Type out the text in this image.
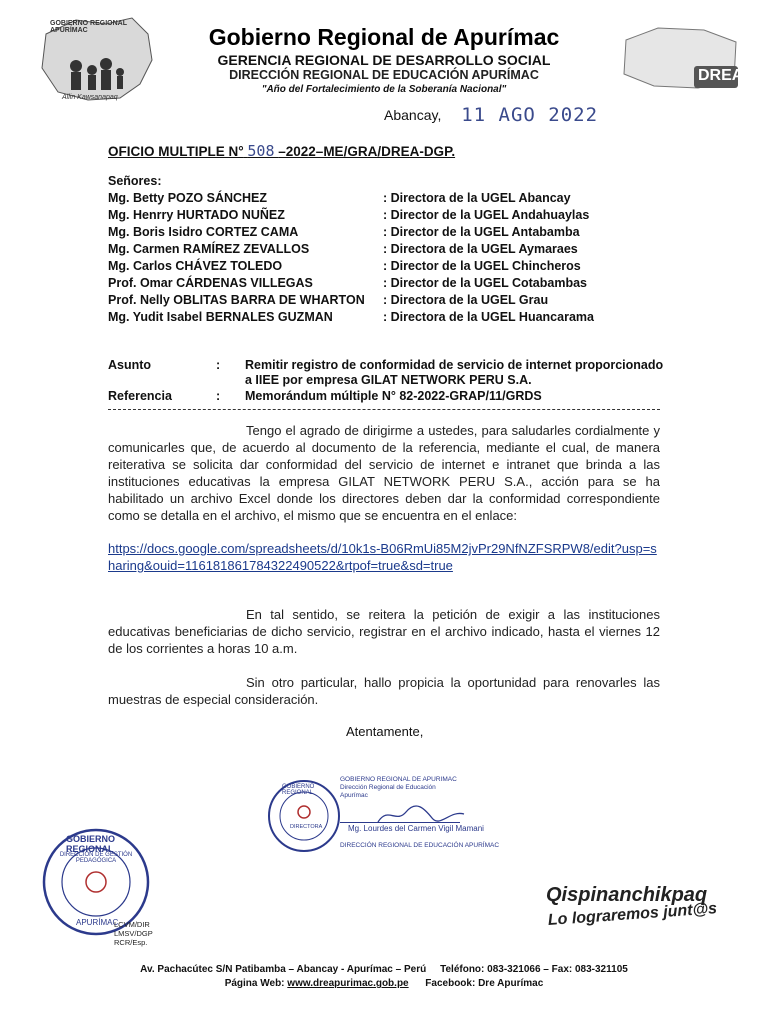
GOBIERNO REGIONAL APURÍMAC
Allin Kawsanapaq
DREA
Gobierno Regional de Apurímac
GERENCIA REGIONAL DE DESARROLLO SOCIAL
DIRECCIÓN REGIONAL DE EDUCACIÓN APURÍMAC
"Año del Fortalecimiento de la Soberanía Nacional"
Abancay, 11 AGO 2022
OFICIO MULTIPLE N° 508 –2022–ME/GRA/DREA-DGP.
Señores:
Mg. Betty POZO SÁNCHEZ	: Directora de la UGEL Abancay
Mg. Henrry HURTADO NUÑEZ	: Director de la UGEL Andahuaylas
Mg. Boris Isidro CORTEZ CAMA	: Director de la UGEL Antabamba
Mg. Carmen RAMÍREZ ZEVALLOS	: Directora de la UGEL Aymaraes
Mg. Carlos CHÁVEZ TOLEDO	: Director de la UGEL Chincheros
Prof. Omar CÁRDENAS VILLEGAS	: Director de la UGEL Cotabambas
Prof. Nelly OBLITAS BARRA DE WHARTON : Directora de la UGEL Grau
Mg. Yudit Isabel BERNALES GUZMAN	: Directora de la UGEL Huancarama
Asunto	: Remitir registro de conformidad de servicio de internet proporcionado a IIEE por empresa GILAT NETWORK PERU S.A.
Referencia	: Memorándum múltiple N° 82-2022-GRAP/11/GRDS
Tengo el agrado de dirigirme a ustedes, para saludarles cordialmente y comunicarles que, de acuerdo al documento de la referencia, mediante el cual, de manera reiterativa se solicita dar conformidad del servicio de internet e intranet que brinda a las instituciones educativas la empresa GILAT NETWORK PERU S.A., acción para se ha habilitado un archivo Excel donde los directores deben dar la conformidad correspondiente como se detalla en el archivo, el mismo que se encuentra en el enlace:
https://docs.google.com/spreadsheets/d/10k1s-B06RmUi85M2jvPr29NfNZFSRPW8/edit?usp=sharing&ouid=116181861784322490522&rtpof=true&sd=true
En tal sentido, se reitera la petición de exigir a las instituciones educativas beneficiarias de dicho servicio, registrar en el archivo indicado, hasta el viernes 12 de los corrientes a horas 10 a.m.
Sin otro particular, hallo propicia la oportunidad para renovarles las muestras de especial consideración.
Atentamente,
GOBIERNO REGIONAL
DIRECTORA
GOBIERNO REGIONAL DE APURIMAC
Dirección Regional de Educación
Apurímac
Mg. Lourdes del Carmen Vigil Mamani
DIRECCIÓN REGIONAL DE EDUCACIÓN APURÍMAC
GOBIERNO REGIONAL
DIRECCIÓN DE GESTIÓN PEDAGÓGICA
APURÍMAC
LCVM/DIR
LMSV/DGP
RCR/Esp.
Qispinanchikpaq
Lo lograremos junt@s
Av. Pachacútec S/N Patibamba – Abancay - Apurímac – Perú Teléfono: 083-321066 – Fax: 083-321105
Página Web: www.dreapurimac.gob.pe Facebook: Dre Apurímac
